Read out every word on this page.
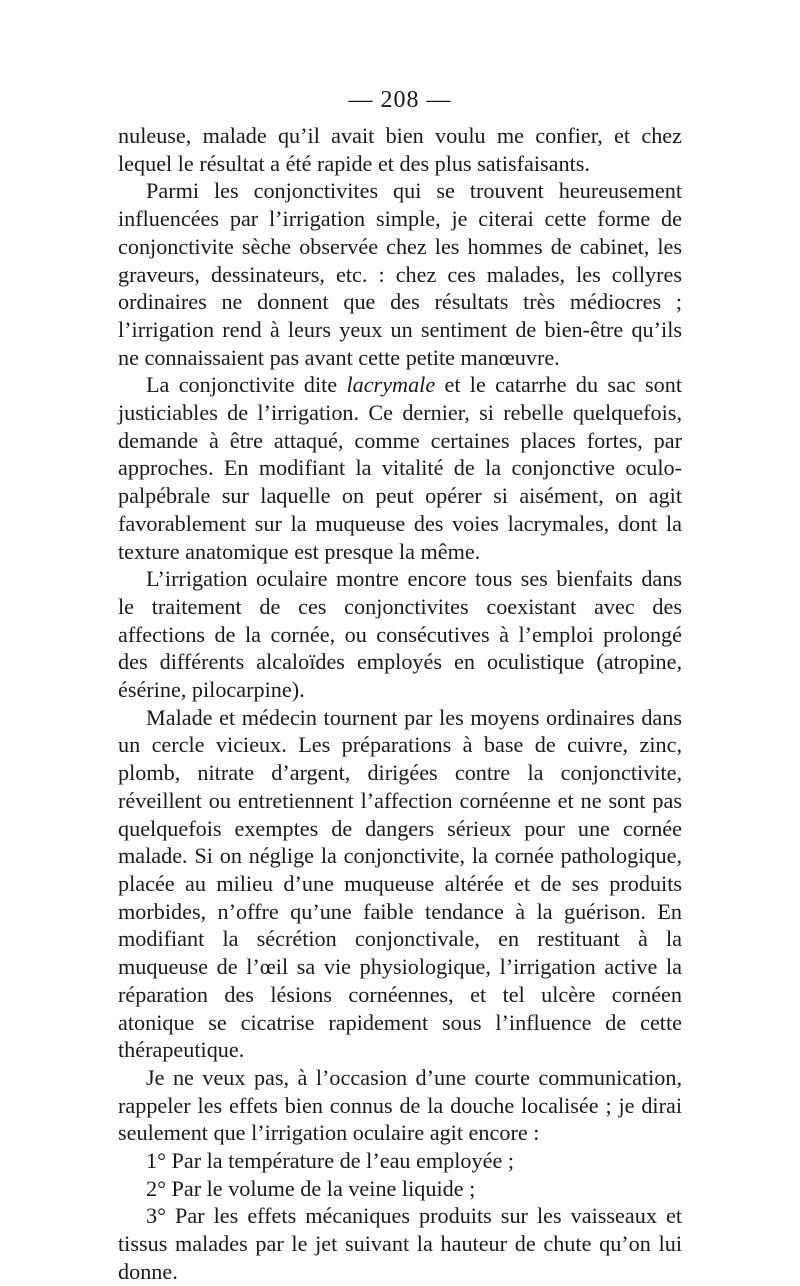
— 208 —

nuleuse, malade qu’il avait bien voulu me confier, et chez lequel le résultat a été rapide et des plus satisfaisants.

Parmi les conjonctivites qui se trouvent heureusement influencées par l’irrigation simple, je citerai cette forme de conjonctivite sèche observée chez les hommes de cabinet, les graveurs, dessinateurs, etc. : chez ces malades, les collyres ordinaires ne donnent que des résultats très médiocres ; l’irrigation rend à leurs yeux un sentiment de bien-être qu’ils ne connaissaient pas avant cette petite manœuvre.

La conjonctivite dite lacrymale et le catarrhe du sac sont justiciables de l’irrigation. Ce dernier, si rebelle quelquefois, demande à être attaqué, comme certaines places fortes, par approches. En modifiant la vitalité de la conjonctive oculo-palpébrale sur laquelle on peut opérer si aisément, on agit favorablement sur la muqueuse des voies lacrymales, dont la texture anatomique est presque la même.

L’irrigation oculaire montre encore tous ses bienfaits dans le traitement de ces conjonctivites coexistant avec des affections de la cornée, ou consécutives à l’emploi prolongé des différents alcaloïdes employés en oculistique (atropine, ésérine, pilocarpine).

Malade et médecin tournent par les moyens ordinaires dans un cercle vicieux. Les préparations à base de cuivre, zinc, plomb, nitrate d’argent, dirigées contre la conjonctivite, réveillent ou entretiennent l’affection cornéenne et ne sont pas quelquefois exemptes de dangers sérieux pour une cornée malade. Si on néglige la conjonctivite, la cornée pathologique, placée au milieu d’une muqueuse altérée et de ses produits morbides, n’offre qu’une faible tendance à la guérison. En modifiant la sécrétion conjonctivale, en restituant à la muqueuse de l’œil sa vie physiologique, l’irrigation active la réparation des lésions cornéennes, et tel ulcère cornéen atonique se cicatrise rapidement sous l’influence de cette thérapeutique.

Je ne veux pas, à l’occasion d’une courte communication, rappeler les effets bien connus de la douche localisée ; je dirai seulement que l’irrigation oculaire agit encore :

1° Par la température de l’eau employée ;

2° Par le volume de la veine liquide ;

3° Par les effets mécaniques produits sur les vaisseaux et tissus malades par le jet suivant la hauteur de chute qu’on lui donne.
